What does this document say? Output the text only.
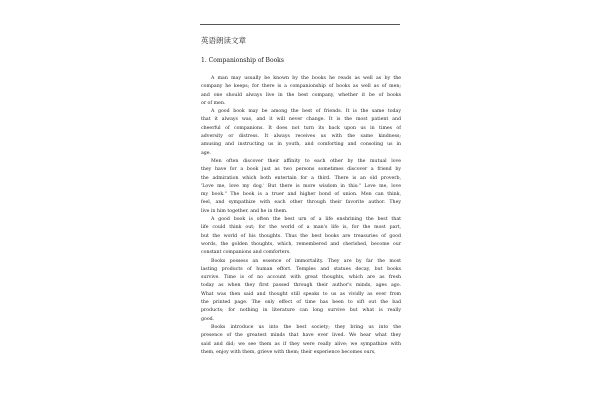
英语朗读文章
1. Companionship of Books
A man may usually be known by the books he reads as well as by the
company he keeps; for there is a companionship of books as well as of men;
and one should always live in the best company, whether it be of books
or of men.
A good book may be among the best of friends. It is the same today
that it always was, and it will never change. It is the most patient and
cheerful of companions. It does not turn its back upon us in times of
adversity or distress. It always receives us with the same kindness;
amusing and instructing us in youth, and comforting and consoling us in
age.
Men often discover their affinity to each other by the mutual love
they have for a book just as two persons sometimes discover a friend by
the admiration which both entertain for a third. There is an old proverb,
'Love me, love my dog.' But there is more wisdom in this:" Love me, love
my book." The book is a truer and higher bond of union. Men can think,
feel, and sympathize with each other through their favorite author. They
live in him together, and he in them.
A good book is often the best urn of a life enshrining the best that
life could think out; for the world of a man's life is, for the most part,
but the world of his thoughts. Thus the best books are treasuries of good
words, the golden thoughts, which, remembered and cherished, become our
constant companions and comforters.
Books possess an essence of immortality. They are by far the most
lasting products of human effort. Temples and statues decay, but books
survive. Time is of no account with great thoughts, which are as fresh
today as when they first passed through their author's minds, ages ago.
What was then said and thought still speaks to us as vividly as ever from
the printed page. The only effect of time has been to sift out the bad
products; for nothing in literature can long survive but what is really
good.
Books introduce us into the best society; they bring us into the
presence of the greatest minds that have ever lived. We hear what they
said and did; we see them as if they were really alive; we sympathize with
them, enjoy with them, grieve with them; their experience becomes ours,
